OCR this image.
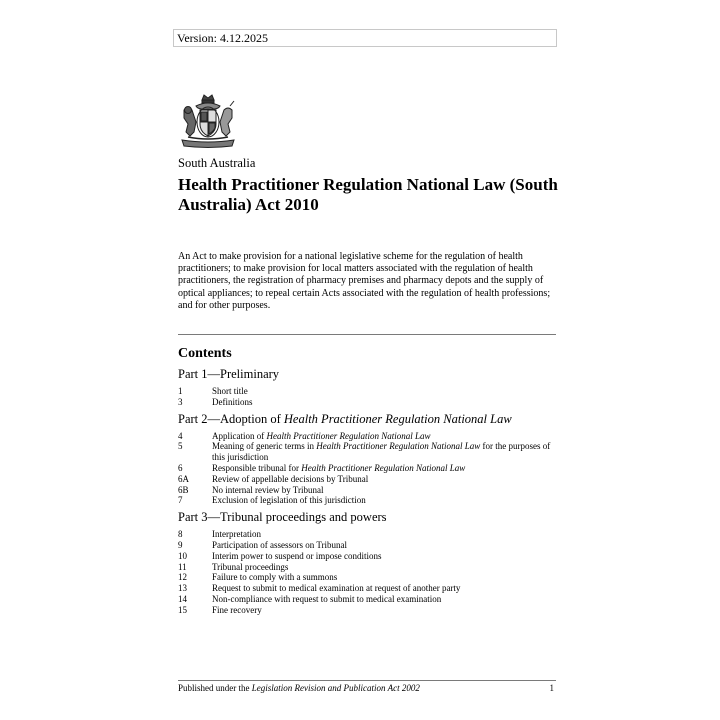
Version: 4.12.2025
South Australia
Health Practitioner Regulation National Law (South Australia) Act 2010

An Act to make provision for a national legislative scheme for the regulation of health practitioners; to make provision for local matters associated with the regulation of health practitioners, the registration of pharmacy premises and pharmacy depots and the supply of optical appliances; to repeal certain Acts associated with the regulation of health professions; and for other purposes.

Contents
Part 1—Preliminary
1	Short title
3	Definitions
Part 2—Adoption of Health Practitioner Regulation National Law
4	Application of Health Practitioner Regulation National Law
5	Meaning of generic terms in Health Practitioner Regulation National Law for the purposes of this jurisdiction
6	Responsible tribunal for Health Practitioner Regulation National Law
6A	Review of appellable decisions by Tribunal
6B	No internal review by Tribunal
7	Exclusion of legislation of this jurisdiction
Part 3—Tribunal proceedings and powers
8	Interpretation
9	Participation of assessors on Tribunal
10	Interim power to suspend or impose conditions
11	Tribunal proceedings
12	Failure to comply with a summons
13	Request to submit to medical examination at request of another party
14	Non-compliance with request to submit to medical examination
15	Fine recovery
Published under the Legislation Revision and Publication Act 2002	1
